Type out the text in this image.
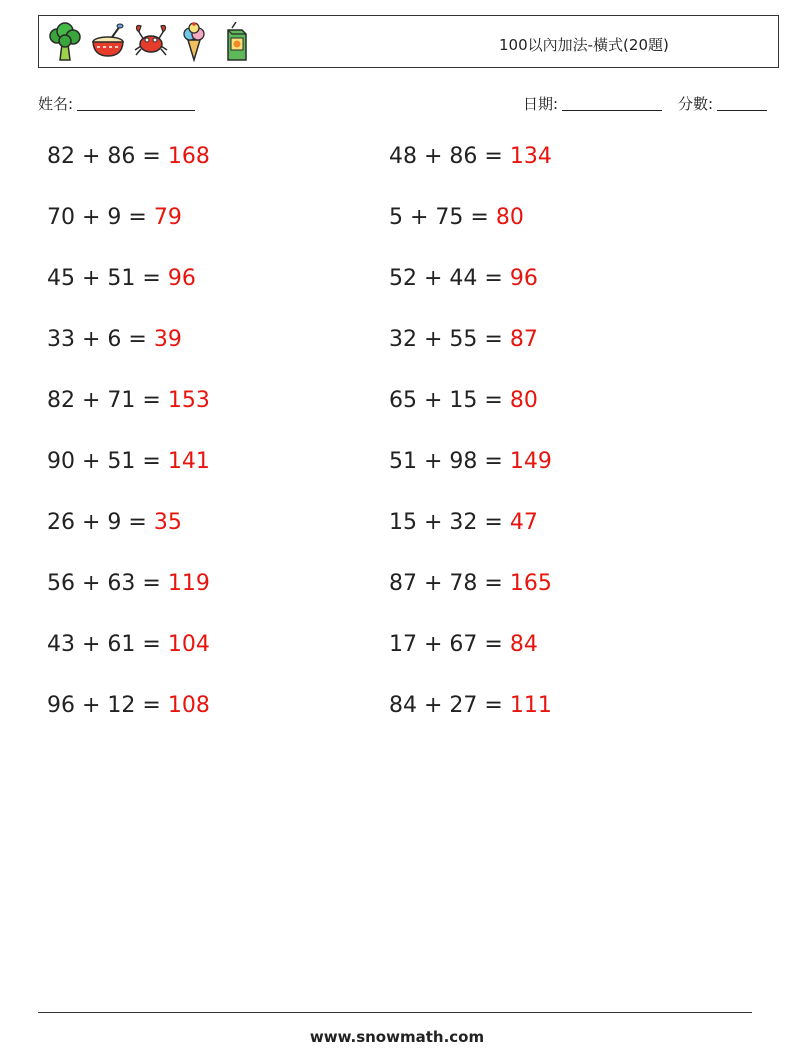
100以內加法-橫式(20題)
姓名:	日期:	分數:
82 + 86 = 168	48 + 86 = 134
70 + 9 = 79	5 + 75 = 80
45 + 51 = 96	52 + 44 = 96
33 + 6 = 39	32 + 55 = 87
82 + 71 = 153	65 + 15 = 80
90 + 51 = 141	51 + 98 = 149
26 + 9 = 35	15 + 32 = 47
56 + 63 = 119	87 + 78 = 165
43 + 61 = 104	17 + 67 = 84
96 + 12 = 108	84 + 27 = 111
www.snowmath.com
